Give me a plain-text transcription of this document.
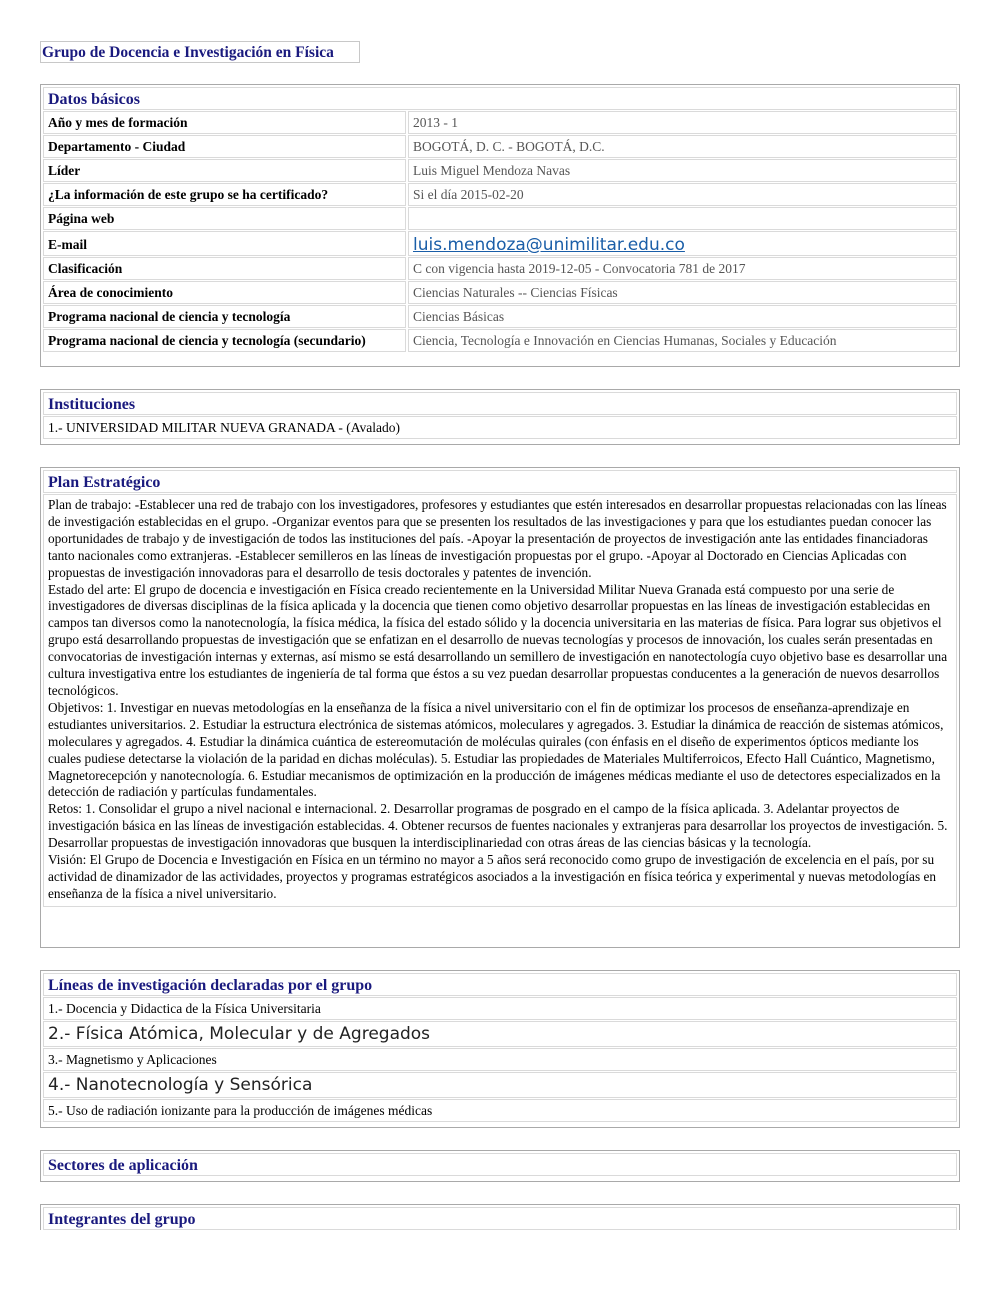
Grupo de Docencia e Investigación en Física
Datos básicos
Año y mes de formación	2013 - 1
Departamento - Ciudad	BOGOTÁ, D. C. - BOGOTÁ, D.C.
Líder	Luis Miguel Mendoza Navas
¿La información de este grupo se ha certificado?	Si el día 2015-02-20
Página web
E-mail	luis.mendoza@unimilitar.edu.co
Clasificación	C con vigencia hasta 2019-12-05 - Convocatoria 781 de 2017
Área de conocimiento	Ciencias Naturales -- Ciencias Físicas
Programa nacional de ciencia y tecnología	Ciencias Básicas
Programa nacional de ciencia y tecnología (secundario)	Ciencia, Tecnología e Innovación en Ciencias Humanas, Sociales y Educación
Instituciones
1.- UNIVERSIDAD MILITAR NUEVA GRANADA - (Avalado)
Plan Estratégico

Plan de trabajo: -Establecer una red de trabajo con los investigadores, profesores y estudiantes que estén interesados en desarrollar propuestas relacionadas con las líneas de investigación establecidas en el grupo. -Organizar eventos para que se presenten los resultados de las investigaciones y para que los estudiantes puedan conocer las oportunidades de trabajo y de investigación de todos las instituciones del país. -Apoyar la presentación de proyectos de investigación ante las entidades financiadoras tanto nacionales como extranjeras. -Establecer semilleros en las líneas de investigación propuestas por el grupo. -Apoyar al Doctorado en Ciencias Aplicadas con propuestas de investigación innovadoras para el desarrollo de tesis doctorales y patentes de invención.

Estado del arte: El grupo de docencia e investigación en Física creado recientemente en la Universidad Militar Nueva Granada está compuesto por una serie de investigadores de diversas disciplinas de la física aplicada y la docencia que tienen como objetivo desarrollar propuestas en las líneas de investigación establecidas en campos tan diversos como la nanotecnología, la física médica, la física del estado sólido y la docencia universitaria en las materias de física. Para lograr sus objetivos el grupo está desarrollando propuestas de investigación que se enfatizan en el desarrollo de nuevas tecnologías y procesos de innovación, los cuales serán presentadas en convocatorias de investigación internas y externas, así mismo se está desarrollando un semillero de investigación en nanotectología cuyo objetivo base es desarrollar una cultura investigativa entre los estudiantes de ingeniería de tal forma que éstos a su vez puedan desarrollar propuestas conducentes a la generación de nuevos desarrollos tecnológicos.

Objetivos: 1. Investigar en nuevas metodologías en la enseñanza de la física a nivel universitario con el fin de optimizar los procesos de enseñanza-aprendizaje en estudiantes universitarios. 2. Estudiar la estructura electrónica de sistemas atómicos, moleculares y agregados. 3. Estudiar la dinámica de reacción de sistemas atómicos, moleculares y agregados. 4. Estudiar la dinámica cuántica de estereomutación de moléculas quirales (con énfasis en el diseño de experimentos ópticos mediante los cuales pudiese detectarse la violación de la paridad en dichas moléculas). 5. Estudiar las propiedades de Materiales Multiferroicos, Efecto Hall Cuántico, Magnetismo, Magnetorecepción y nanotecnología. 6. Estudiar mecanismos de optimización en la producción de imágenes médicas mediante el uso de detectores especializados en la detección de radiación y partículas fundamentales.

Retos: 1. Consolidar el grupo a nivel nacional e internacional. 2. Desarrollar programas de posgrado en el campo de la física aplicada. 3. Adelantar proyectos de investigación básica en las líneas de investigación establecidas. 4. Obtener recursos de fuentes nacionales y extranjeras para desarrollar los proyectos de investigación. 5. Desarrollar propuestas de investigación innovadoras que busquen la interdisciplinariedad con otras áreas de las ciencias básicas y la tecnología.

Visión: El Grupo de Docencia e Investigación en Física en un término no mayor a 5 años será reconocido como grupo de investigación de excelencia en el país, por su actividad de dinamizador de las actividades, proyectos y programas estratégicos asociados a la investigación en física teórica y experimental y nuevas metodologías en enseñanza de la física a nivel universitario.

Líneas de investigación declaradas por el grupo
1.- Docencia y Didactica de la Física Universitaria
2.- Física Atómica, Molecular y de Agregados
3.- Magnetismo y Aplicaciones
4.- Nanotecnología y Sensórica
5.- Uso de radiación ionizante para la producción de imágenes médicas
Sectores de aplicación
Integrantes del grupo
